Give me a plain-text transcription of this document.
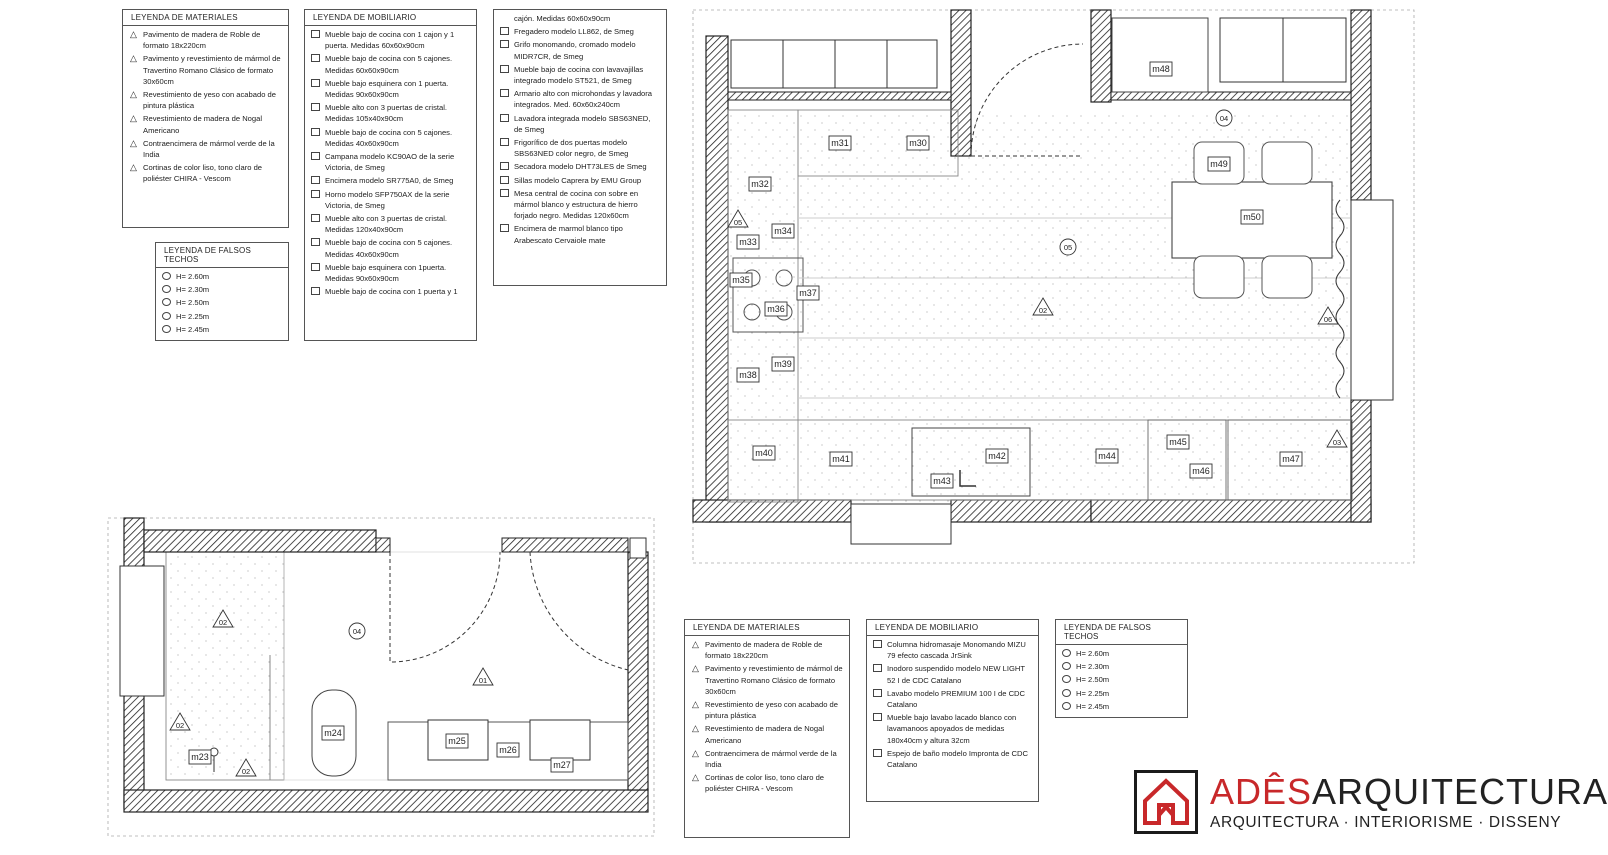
LEYENDA DE MATERIALES
△ Pavimento de madera de Roble de formato 18x220cm
△ Pavimento y revestimiento de mármol de Travertino Romano Clásico de formato 30x60cm
△ Revestimiento de yeso con acabado de pintura plástica
△ Revestimiento de madera de Nogal Americano
△ Contraencimera de mármol verde de la India
△ Cortinas de color liso, tono claro de poliéster CHIRA - Vescom
LEYENDA DE FALSOS TECHOS
H= 2.60m
H= 2.30m
H= 2.50m
H= 2.25m
H= 2.45m
LEYENDA DE MOBILIARIO
Mueble bajo de cocina con 1 cajon y 1 puerta. Medidas 60x60x90cm
Mueble bajo de cocina con 5 cajones. Medidas 60x60x90cm
Mueble bajo esquinera con 1 puerta. Medidas 90x60x90cm
Mueble alto con 3 puertas de cristal. Medidas 105x40x90cm
Mueble bajo de cocina con 5 cajones. Medidas 40x60x90cm
Campana modelo KC90AO de la serie Victoria, de Smeg
Encimera modelo SR775A0, de Smeg
Horno modelo SFP750AX de la serie Victoria, de Smeg
Mueble alto con 3 puertas de cristal. Medidas 120x40x90cm
Mueble bajo de cocina con 5 cajones. Medidas 40x60x90cm
Mueble bajo esquinera con 1puerta. Medidas 90x60x90cm
Mueble bajo de cocina con 1 puerta y 1
cajón. Medidas 60x60x90cm
Fregadero modelo LL862, de Smeg
Grifo monomando, cromado modelo MIDR7CR, de Smeg
Mueble bajo de cocina con lavavajillas integrado modelo ST521, de Smeg
Armario alto con microhondas y lavadora integrados. Med. 60x60x240cm
Lavadora integrada modelo SBS63NED, de Smeg
Frigorífico de dos puertas modelo SBS63NED color negro, de Smeg
Secadora modelo DHT73LES de Smeg
Sillas modelo Caprera by EMU Group
Mesa central de cocina con sobre en mármol blanco y estructura de hierro forjado negro. Medidas 120x60cm
Encimera de marmol blanco tipo Arabescato Cervaiole mate
LEYENDA DE MATERIALES
△ Pavimento de madera de Roble de formato 18x220cm
△ Pavimento y revestimiento de mármol de Travertino Romano Clásico de formato 30x60cm
△ Revestimiento de yeso con acabado de pintura plástica
△ Revestimiento de madera de Nogal Americano
△ Contraencimera de mármol verde de la India
△ Cortinas de color liso, tono claro de poliéster CHIRA - Vescom
LEYENDA DE MOBILIARIO
Columna hidromasaje Monomando MIZU 79 efecto cascada JrSink
Inodoro suspendido modelo NEW LIGHT 52 I de CDC Catalano
Lavabo modelo PREMIUM 100 I de CDC Catalano
Mueble bajo lavabo lacado blanco con lavamanoos apoyados de medidas 180x40cm y altura 32cm
Espejo de baño modelo Impronta de CDC Catalano
LEYENDA DE FALSOS TECHOS
H= 2.60m
H= 2.30m
H= 2.50m
H= 2.25m
H= 2.45m
m30
m31
m32
m33
m34
m35
m36
m37
m38
m39
m40
m41	m42
m43
m44
m45
m46
m47
m48
m49
m50
02
03
05
06
04
05
m23
m24
m25
m26
m27
01
02
02
02
04
ADÊSARQUITECTURA
ARQUITECTURA · INTERIORISME · DISSENY
